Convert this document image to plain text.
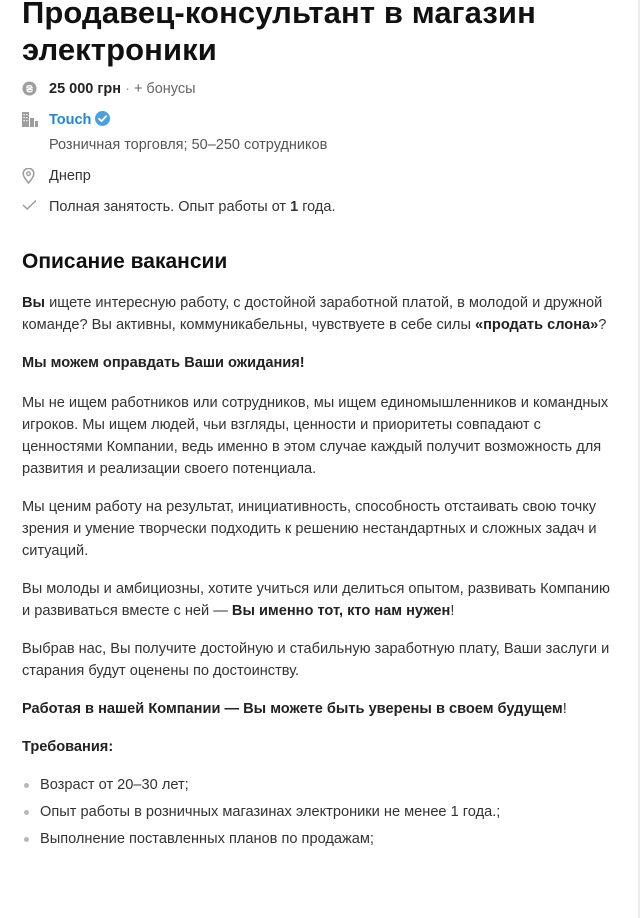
Продавец-консультант в магазин электроники
25 000 грн · + бонусы
Touch
Розничная торговля; 50–250 сотрудников
Днепр
Полная занятость. Опыт работы от 1 года.
Описание вакансии

Вы ищете интересную работу, с достойной заработной платой, в молодой и дружной команде? Вы активны, коммуникабельны, чувствуете в себе силы «продать слона»?

Мы можем оправдать Ваши ожидания!

Мы не ищем работников или сотрудников, мы ищем единомышленников и командных игроков. Мы ищем людей, чьи взгляды, ценности и приоритеты совпадают с ценностями Компании, ведь именно в этом случае каждый получит возможность для развития и реализации своего потенциала.

Мы ценим работу на результат, инициативность, способность отстаивать свою точку зрения и умение творчески подходить к решению нестандартных и сложных задач и ситуаций.

Вы молоды и амбициозны, хотите учиться или делиться опытом, развивать Компанию и развиваться вместе с ней — Вы именно тот, кто нам нужен!

Выбрав нас, Вы получите достойную и стабильную заработную плату, Ваши заслуги и старания будут оценены по достоинству.

Работая в нашей Компании — Вы можете быть уверены в своем будущем!

Требования:

Возраст от 20–30 лет;
Опыт работы в розничных магазинах электроники не менее 1 года.;
Выполнение поставленных планов по продажам;
